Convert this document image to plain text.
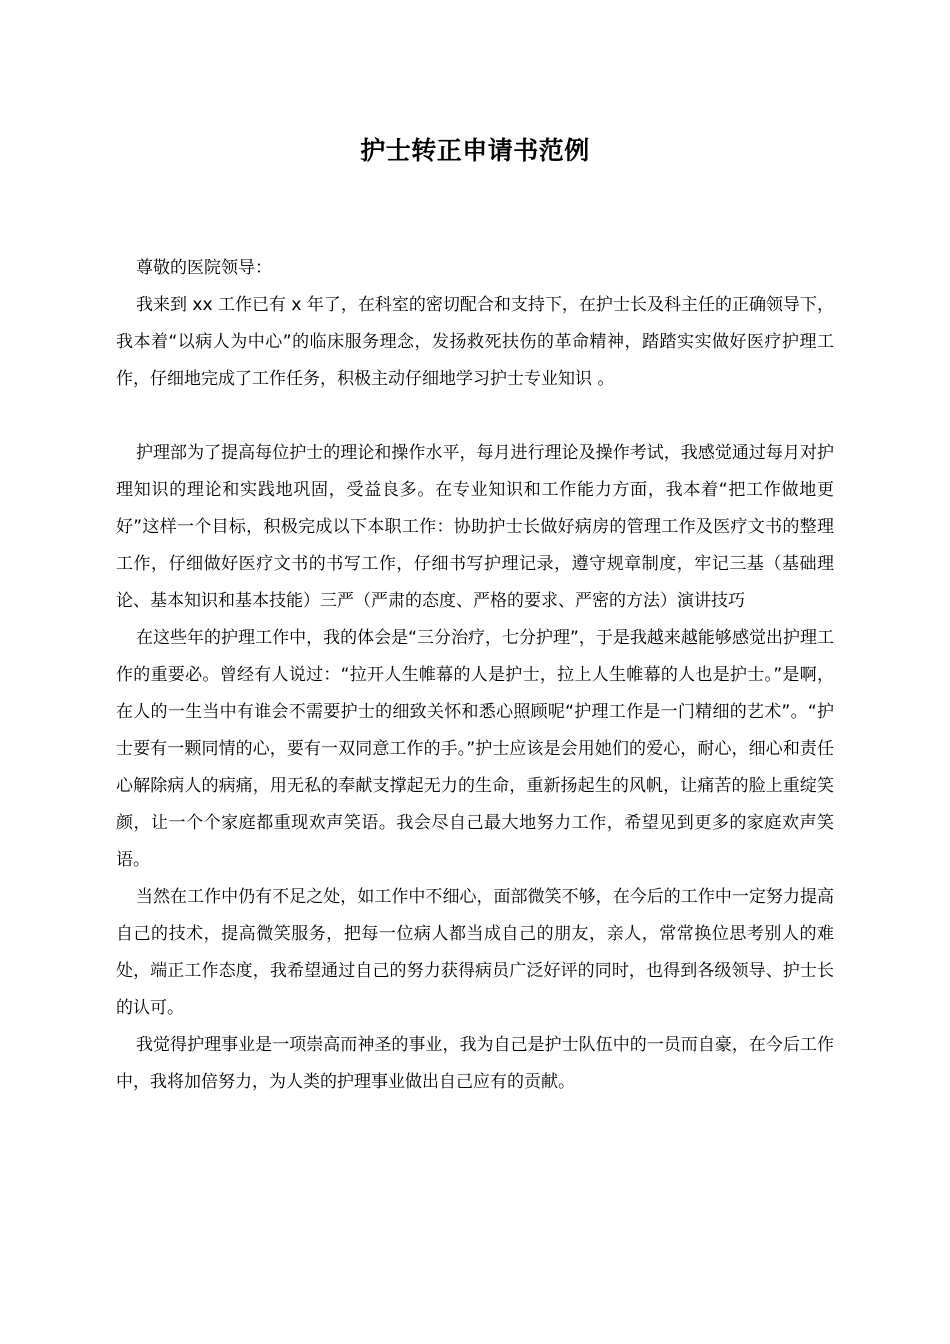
护士转正申请书范例

尊敬的医院领导：

我来到 xx 工作已有 x 年了，在科室的密切配合和支持下，在护士长及科主任的正确领导下，我本着“以病人为中心”的临床服务理念，发扬救死扶伤的革命精神，踏踏实实做好医疗护理工作，仔细地完成了工作任务，积极主动仔细地学习护士专业知识 。

护理部为了提高每位护士的理论和操作水平，每月进行理论及操作考试，我感觉通过每月对护理知识的理论和实践地巩固，受益良多。在专业知识和工作能力方面，我本着“把工作做地更好”这样一个目标，积极完成以下本职工作：协助护士长做好病房的管理工作及医疗文书的整理工作，仔细做好医疗文书的书写工作，仔细书写护理记录，遵守规章制度，牢记三基（基础理论、基本知识和基本技能）三严（严肃的态度、严格的要求、严密的方法）演讲技巧

在这些年的护理工作中，我的体会是“三分治疗，七分护理”，于是我越来越能够感觉出护理工作的重要必。曾经有人说过：“拉开人生帷幕的人是护士，拉上人生帷幕的人也是护士。”是啊，在人的一生当中有谁会不需要护士的细致关怀和悉心照顾呢“护理工作是一门精细的艺术”。“护士要有一颗同情的心，要有一双同意工作的手。”护士应该是会用她们的爱心，耐心，细心和责任心解除病人的病痛，用无私的奉献支撑起无力的生命，重新扬起生的风帆，让痛苦的脸上重绽笑颜，让一个个家庭都重现欢声笑语。我会尽自己最大地努力工作，希望见到更多的家庭欢声笑语。

当然在工作中仍有不足之处，如工作中不细心，面部微笑不够，在今后的工作中一定努力提高自己的技术，提高微笑服务，把每一位病人都当成自己的朋友，亲人，常常换位思考别人的难处，端正工作态度，我希望通过自己的努力获得病员广泛好评的同时，也得到各级领导、护士长的认可。

我觉得护理事业是一项崇高而神圣的事业，我为自己是护士队伍中的一员而自豪，在今后工作中，我将加倍努力，为人类的护理事业做出自己应有的贡献。
